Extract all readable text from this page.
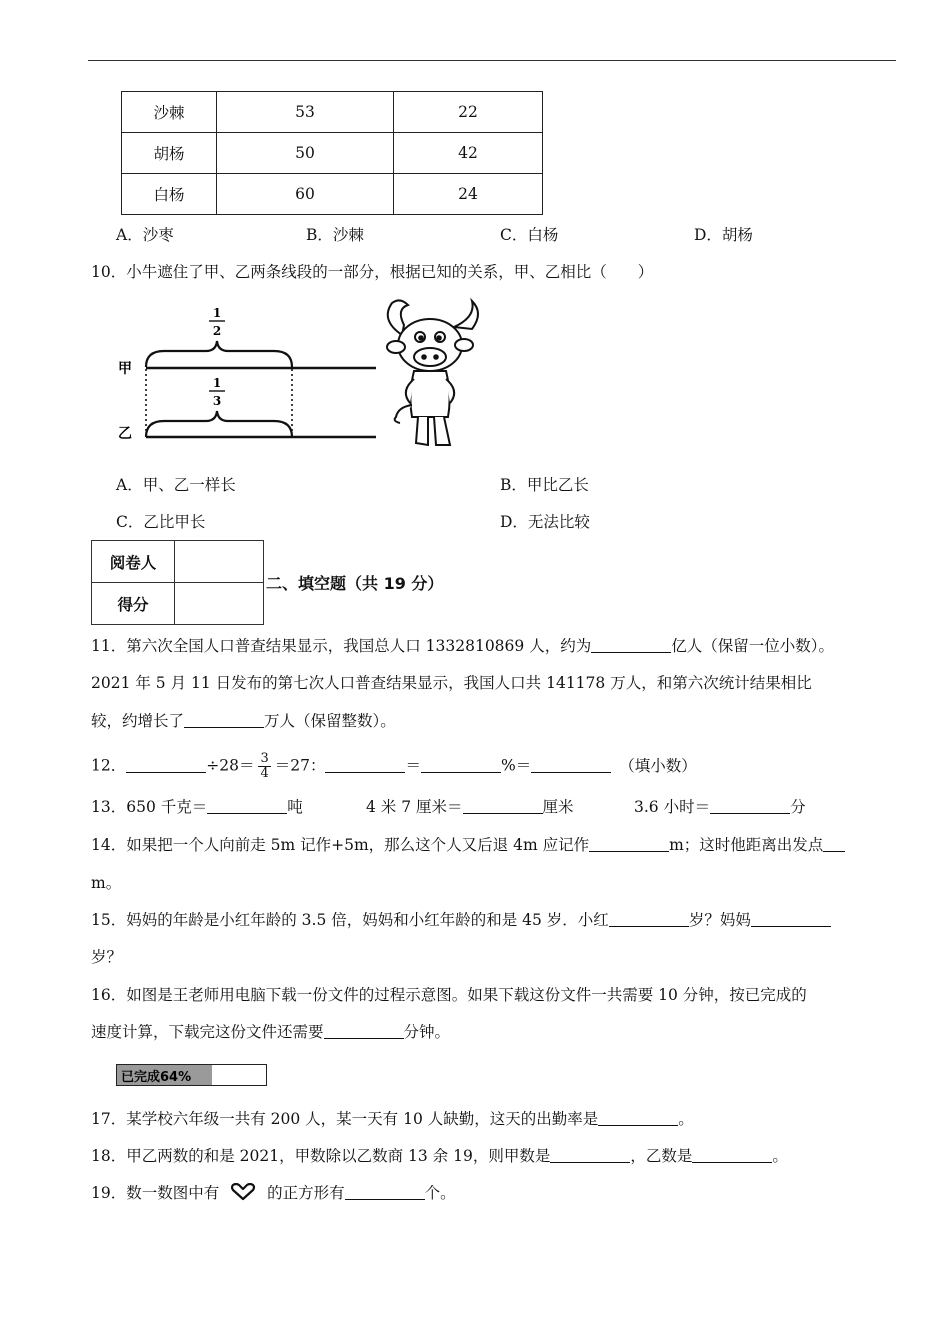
沙棘	53	22
胡杨	50	42
白杨	60	24
A．沙枣	B．沙棘	C．白杨	D．胡杨
10．小牛遮住了甲、乙两条线段的一部分，根据已知的关系，甲、乙相比（　　）
甲
乙
1
2
1
3
A．甲、乙一样长	B．甲比乙长
C．乙比甲长	D．无法比较
阅卷人	
得分	
二、填空题（共 19 分）
11．第六次全国人口普查结果显示，我国总人口 1332810869 人，约为	亿人（保留一位小数）。
2021 年 5 月 11 日发布的第七次人口普查结果显示，我国人口共 141178 万人，和第六次统计结果相比
较，约增长了	万人（保留整数）。
12．	$\div 28= \frac{3}{4} =27$：	＝	%＝	（填小数）
13．650 千克＝	吨	4 米 7 厘米＝	厘米	3.6 小时＝	分
14．如果把一个人向前走 5m 记作+5m，那么这个人又后退 4m 应记作	m；这时他距离出发点
m。
15．妈妈的年龄是小红年龄的 3.5 倍，妈妈和小红年龄的和是 45 岁．小红	岁？妈妈
岁？
16．如图是王老师用电脑下载一份文件的过程示意图。如果下载这份文件一共需要 10 分钟，按已完成的
速度计算，下载完这份文件还需要	分钟。
已完成64%
17．某学校六年级一共有 200 人，某一天有 10 人缺勤，这天的出勤率是	。
18．甲乙两数的和是 2021，甲数除以乙数商 13 余 19，则甲数是	，乙数是	。
19．数一数图中有	的正方形有	个。
